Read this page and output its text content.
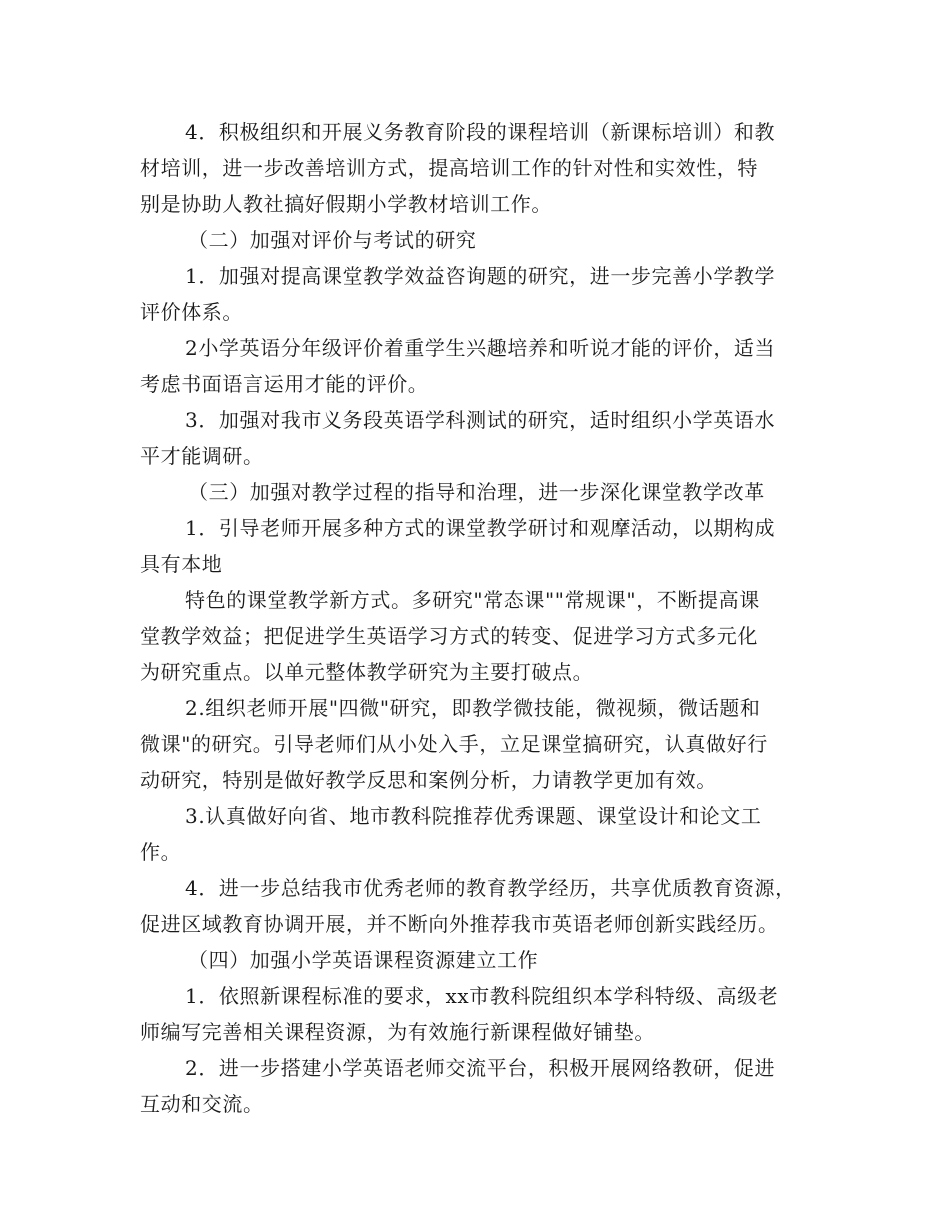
4．积极组织和开展义务教育阶段的课程培训（新课标培训）和教
材培训，进一步改善培训方式，提高培训工作的针对性和实效性，特
别是协助人教社搞好假期小学教材培训工作。
（二）加强对评价与考试的研究
1．加强对提高课堂教学效益咨询题的研究，进一步完善小学教学
评价体系。
2小学英语分年级评价着重学生兴趣培养和听说才能的评价，适当
考虑书面语言运用才能的评价。
3．加强对我市义务段英语学科测试的研究，适时组织小学英语水
平才能调研。
（三）加强对教学过程的指导和治理，进一步深化课堂教学改革
1．引导老师开展多种方式的课堂教学研讨和观摩活动，以期构成
具有本地
特色的课堂教学新方式。多研究"常态课""常规课"，不断提高课
堂教学效益；把促进学生英语学习方式的转变、促进学习方式多元化
为研究重点。以单元整体教学研究为主要打破点。
2.组织老师开展"四微"研究，即教学微技能，微视频，微话题和
微课"的研究。引导老师们从小处入手，立足课堂搞研究，认真做好行
动研究，特别是做好教学反思和案例分析，力请教学更加有效。
3.认真做好向省、地市教科院推荐优秀课题、课堂设计和论文工
作。
4．进一步总结我市优秀老师的教育教学经历，共享优质教育资源，
促进区域教育协调开展，并不断向外推荐我市英语老师创新实践经历。
（四）加强小学英语课程资源建立工作
1．依照新课程标准的要求，xx市教科院组织本学科特级、高级老
师编写完善相关课程资源，为有效施行新课程做好铺垫。
2．进一步搭建小学英语老师交流平台，积极开展网络教研，促进
互动和交流。
